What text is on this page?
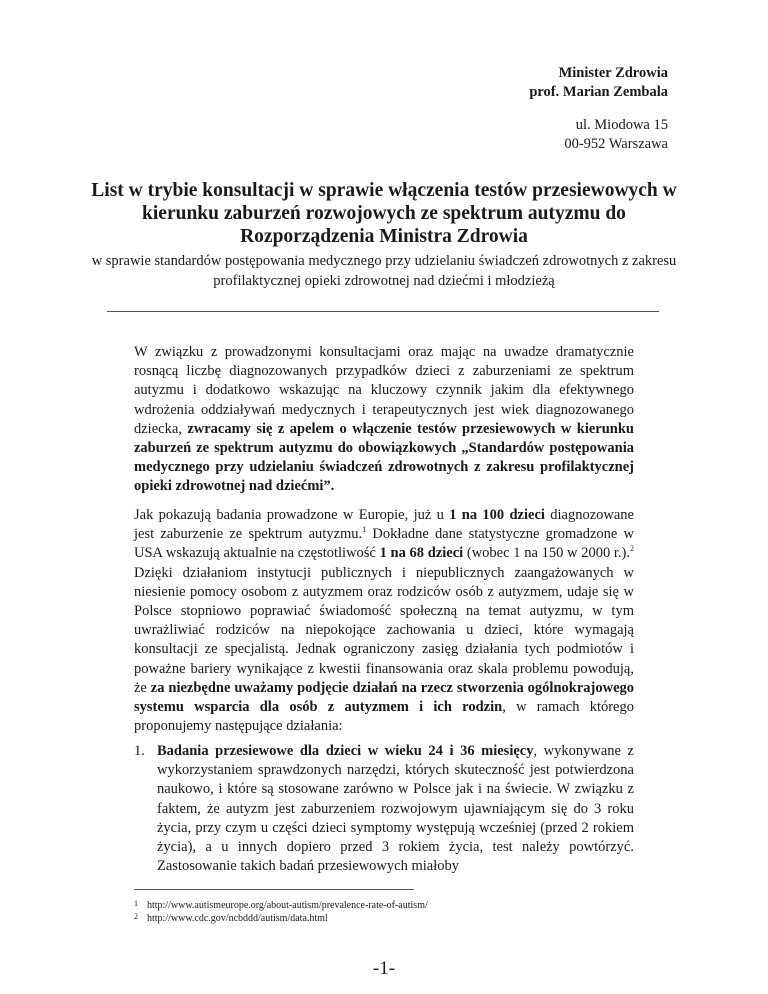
Minister Zdrowia
prof. Marian Zembala
ul. Miodowa 15
00-952 Warszawa
List w trybie konsultacji w sprawie włączenia testów przesiewowych w kierunku zaburzeń rozwojowych ze spektrum autyzmu do Rozporządzenia Ministra Zdrowia
w sprawie standardów postępowania medycznego przy udzielaniu świadczeń zdrowotnych z zakresu profilaktycznej opieki zdrowotnej nad dziećmi i młodzieżą
W związku z prowadzonymi konsultacjami oraz mając na uwadze dramatycznie rosnącą liczbę diagnozowanych przypadków dzieci z zaburzeniami ze spektrum autyzmu i dodatkowo wskazując na kluczowy czynnik jakim dla efektywnego wdrożenia oddziaływań medycznych i terapeutycznych jest wiek diagnozowanego dziecka, zwracamy się z apelem o włączenie testów przesiewowych w kierunku zaburzeń ze spektrum autyzmu do obowiązkowych „Standardów postępowania medycznego przy udzielaniu świadczeń zdrowotnych z zakresu profilaktycznej opieki zdrowotnej nad dziećmi”.
Jak pokazują badania prowadzone w Europie, już u 1 na 100 dzieci diagnozowane jest zaburzenie ze spektrum autyzmu.$^1$ Dokładne dane statystyczne gromadzone w USA wskazują aktualnie na częstotliwość 1 na 68 dzieci (wobec 1 na 150 w 2000 r.).$^2$ Dzięki działaniom instytucji publicznych i niepublicznych zaangażowanych w niesienie pomocy osobom z autyzmem oraz rodziców osób z autyzmem, udaje się w Polsce stopniowo poprawiać świadomość społeczną na temat autyzmu, w tym uwrażliwiać rodziców na niepokojące zachowania u dzieci, które wymagają konsultacji ze specjalistą. Jednak ograniczony zasięg działania tych podmiotów i poważne bariery wynikające z kwestii finansowania oraz skala problemu powodują, że za niezbędne uważamy podjęcie działań na rzecz stworzenia ogólnokrajowego systemu wsparcia dla osób z autyzmem i ich rodzin, w ramach którego proponujemy następujące działania:
1. Badania przesiewowe dla dzieci w wieku 24 i 36 miesięcy, wykonywane z wykorzystaniem sprawdzonych narzędzi, których skuteczność jest potwierdzona naukowo, i które są stosowane zarówno w Polsce jak i na świecie. W związku z faktem, że autyzm jest zaburzeniem rozwojowym ujawniającym się do 3 roku życia, przy czym u części dzieci symptomy występują wcześniej (przed 2 rokiem życia), a u innych dopiero przed 3 rokiem życia, test należy powtórzyć. Zastosowanie takich badań przesiewowych miałoby
1 http://www.autismeurope.org/about-autism/prevalence-rate-of-autism/
2 http://www.cdc.gov/ncbddd/autism/data.html
-1-
